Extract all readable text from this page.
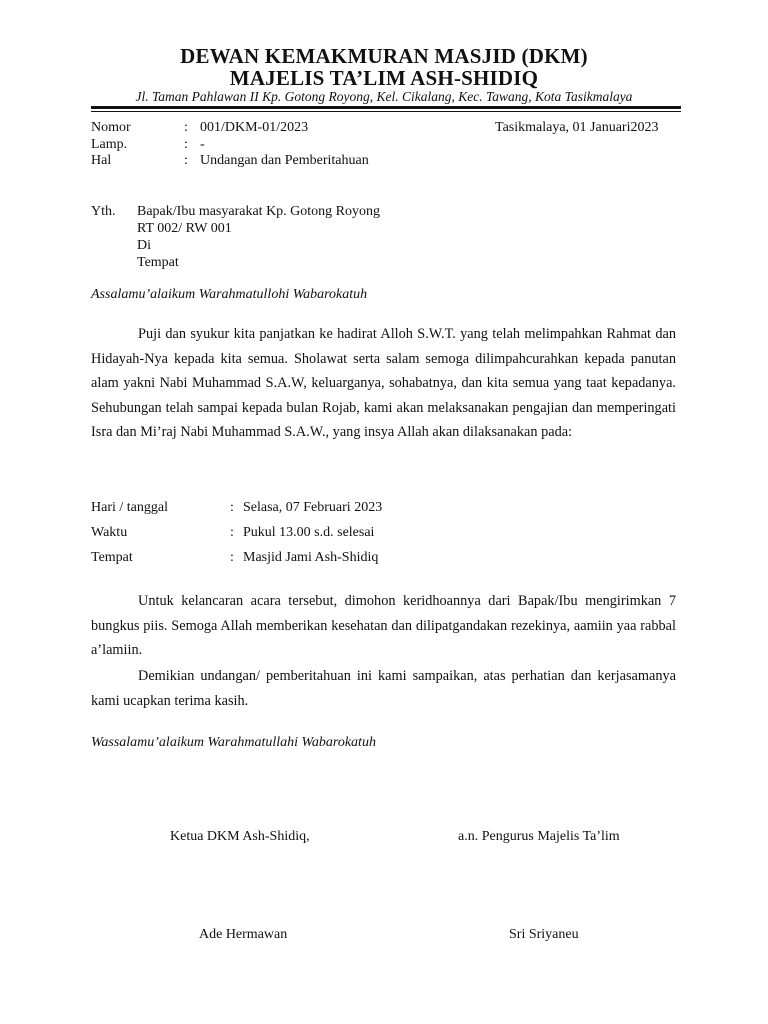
DEWAN KEMAKMURAN MASJID (DKM)
MAJELIS TA’LIM ASH-SHIDIQ
Jl. Taman Pahlawan II Kp. Gotong Royong, Kel. Cikalang, Kec. Tawang, Kota Tasikmalaya
Nomor	: 001/DKM-01/2023	Tasikmalaya, 01 Januari2023
Lamp.	: -
Hal	: Undangan dan Pemberitahuan
Yth. Bapak/Ibu masyarakat Kp. Gotong Royong
RT 002/ RW 001
Di
Tempat
Assalamu’alaikum Warahmatullohi Wabarokatuh

Puji dan syukur kita panjatkan ke hadirat Alloh S.W.T. yang telah melimpahkan Rahmat dan Hidayah-Nya kepada kita semua. Sholawat serta salam semoga dilimpahcurahkan kepada panutan alam yakni Nabi Muhammad S.A.W, keluarganya, sohabatnya, dan kita semua yang taat kepadanya. Sehubungan telah sampai kepada bulan Rojab, kami akan melaksanakan pengajian dan memperingati Isra dan Mi’raj Nabi Muhammad S.A.W., yang insya Allah akan dilaksanakan pada:

Hari / tanggal	: Selasa, 07 Februari 2023
Waktu	: Pukul 13.00 s.d. selesai
Tempat	: Masjid Jami Ash-Shidiq

Untuk kelancaran acara tersebut, dimohon keridhoannya dari Bapak/Ibu mengirimkan 7 bungkus piis. Semoga Allah memberikan kesehatan dan dilipatgandakan rezekinya, aamiin yaa rabbal a’lamiin.

Demikian undangan/ pemberitahuan ini kami sampaikan, atas perhatian dan kerjasamanya kami ucapkan terima kasih.

Wassalamu’alaikum Warahmatullahi Wabarokatuh
Ketua DKM Ash-Shidiq,	a.n. Pengurus Majelis Ta’lim
Ade Hermawan	Sri Sriyaneu
